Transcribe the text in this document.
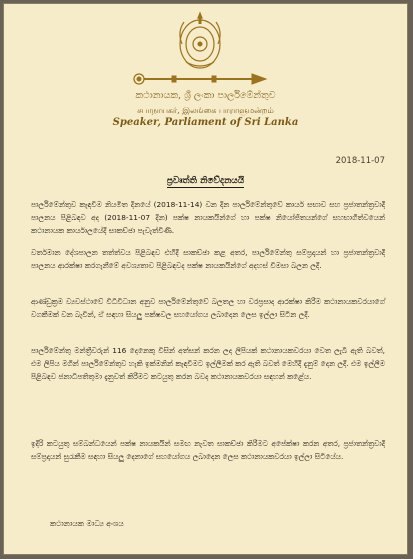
කථානායක, ශ්‍රී ලංකා පාර්ලිමේන්තුව
சபாநாயகர், இலங்கை பாராளுமன்றம்
Speaker, Parliament of Sri Lanka
2018-11-07
ප්‍රවෘත්ති නිවේදනයයි
පාර්ලිමේන්තුව කැඳවීම නියමිත දිනයේ (2018-11-14) වන දින පාර්ලිමේන්තුවේ කාර්ය සභාව සහ ප්‍රජාතන්ත්‍රවාදී පාලනය පිළිබඳව අද (2018-11-07 දින) පක්ෂ නායකයින්ගේ හා පක්ෂ නියෝජිතයන්ගේ සහභාගිත්වයෙන් කථානායක කාර්යාලයේදී සාකච්ඡා පැවැත්විණි.
වර්තමාන දේශපාලන තත්ත්වය පිළිබඳව එහිදී සාකච්ඡා කළ අතර, පාර්ලිමේන්තු සම්ප්‍රදායන් හා ප්‍රජාතන්ත්‍රවාදී පාලනය ආරක්ෂා කරගැනීමේ අවශ්‍යතාව පිළිබඳවද පක්ෂ නායකයින්ගේ අදහස් විමසා බලන ලදී.
ආණ්ඩුක්‍රම ව්‍යවස්ථාවේ විධිවිධාන අනුව පාර්ලිමේන්තුවේ බලතල හා වරප්‍රසාද ආරක්ෂා කිරීම කථානායකවරයාගේ වගකීමක් වන බැවින්, ඒ සඳහා සියලු පක්ෂවල සහයෝගය ලබාදෙන ලෙස ඉල්ලා සිටින ලදී.
පාර්ලිමේන්තු මන්ත්‍රීවරුන් 116 දෙනෙකු විසින් අත්සන් කරන ලද ලිපියක් කථානායකවරයා වෙත ලැබී ඇති බවත්, එම ලිපිය මගින් පාර්ලිමේන්තුව හැකි ඉක්මනින් කැඳවීමට ඉල්ලීමක් කර ඇති බවත් මෙහිදී දැනුම් දෙන ලදී. එම ඉල්ලීම පිළිබඳව ජනාධිපතිතුමා දැනුවත් කිරීමට කටයුතු කරන බවද කථානායකවරයා සඳහන් කළේය.
ඉදිරි කටයුතු සම්බන්ධයෙන් පක්ෂ නායකයින් සමඟ නැවත සාකච්ඡා කිරීමට අපේක්ෂා කරන අතර, ප්‍රජාතන්ත්‍රවාදී සම්ප්‍රදායන් සුරැකීම සඳහා සියලු දෙනාගේ සහයෝගය ලබාදෙන ලෙස කථානායකවරයා ඉල්ලා සිටියේය.
කථානායක මාධ්‍ය අංශය
